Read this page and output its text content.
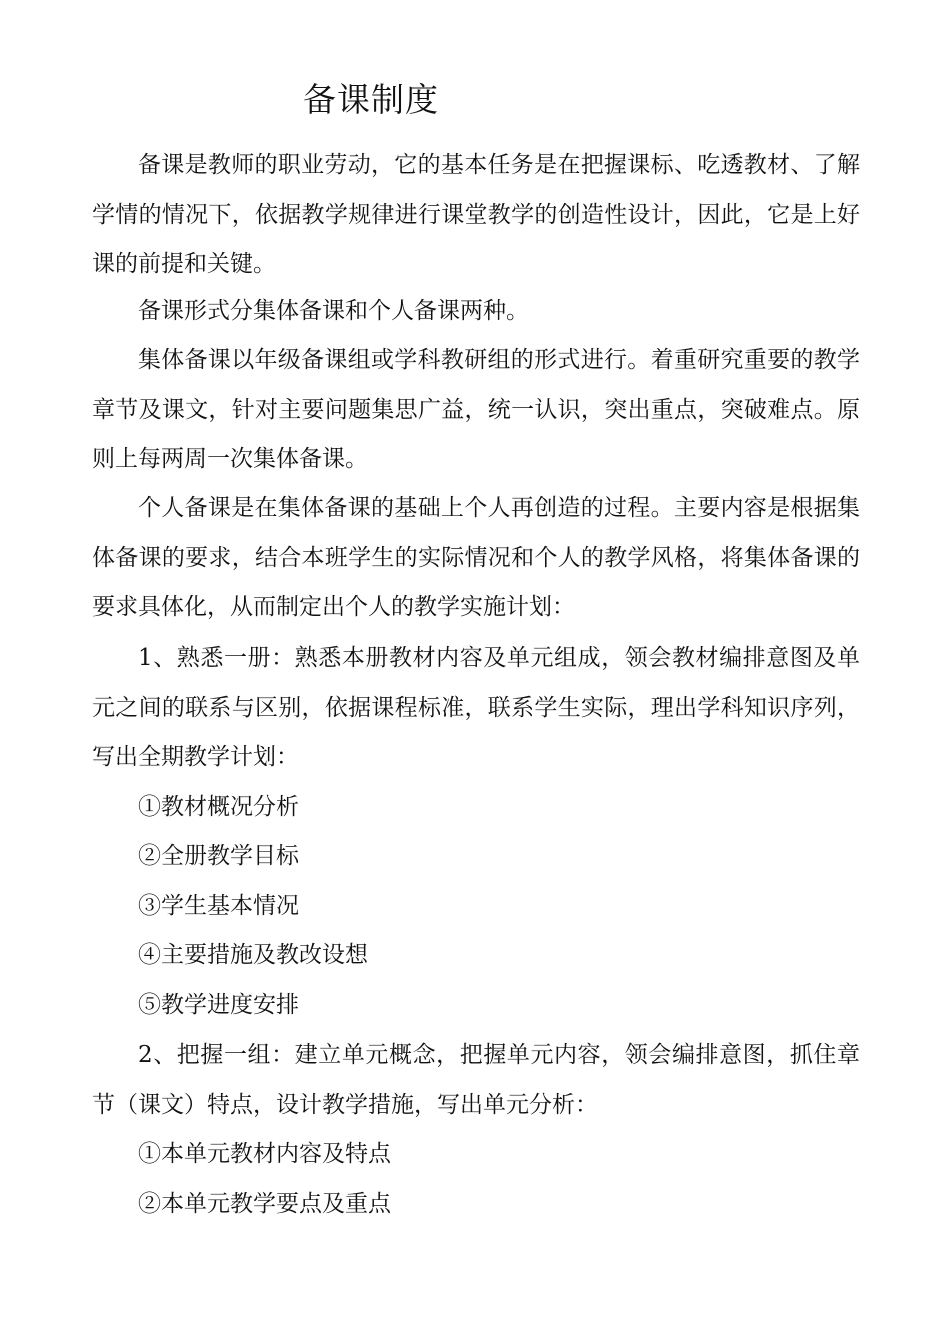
备课制度

备课是教师的职业劳动，它的基本任务是在把握课标、吃透教材、了解学情的情况下，依据教学规律进行课堂教学的创造性设计，因此，它是上好课的前提和关键。

备课形式分集体备课和个人备课两种。

集体备课以年级备课组或学科教研组的形式进行。着重研究重要的教学章节及课文，针对主要问题集思广益，统一认识，突出重点，突破难点。原则上每两周一次集体备课。

个人备课是在集体备课的基础上个人再创造的过程。主要内容是根据集体备课的要求，结合本班学生的实际情况和个人的教学风格，将集体备课的要求具体化，从而制定出个人的教学实施计划：

1、熟悉一册：熟悉本册教材内容及单元组成，领会教材编排意图及单元之间的联系与区别，依据课程标准，联系学生实际，理出学科知识序列，写出全期教学计划：

①教材概况分析

②全册教学目标

③学生基本情况

④主要措施及教改设想

⑤教学进度安排

2、把握一组：建立单元概念，把握单元内容，领会编排意图，抓住章节（课文）特点，设计教学措施，写出单元分析：

①本单元教材内容及特点

②本单元教学要点及重点
